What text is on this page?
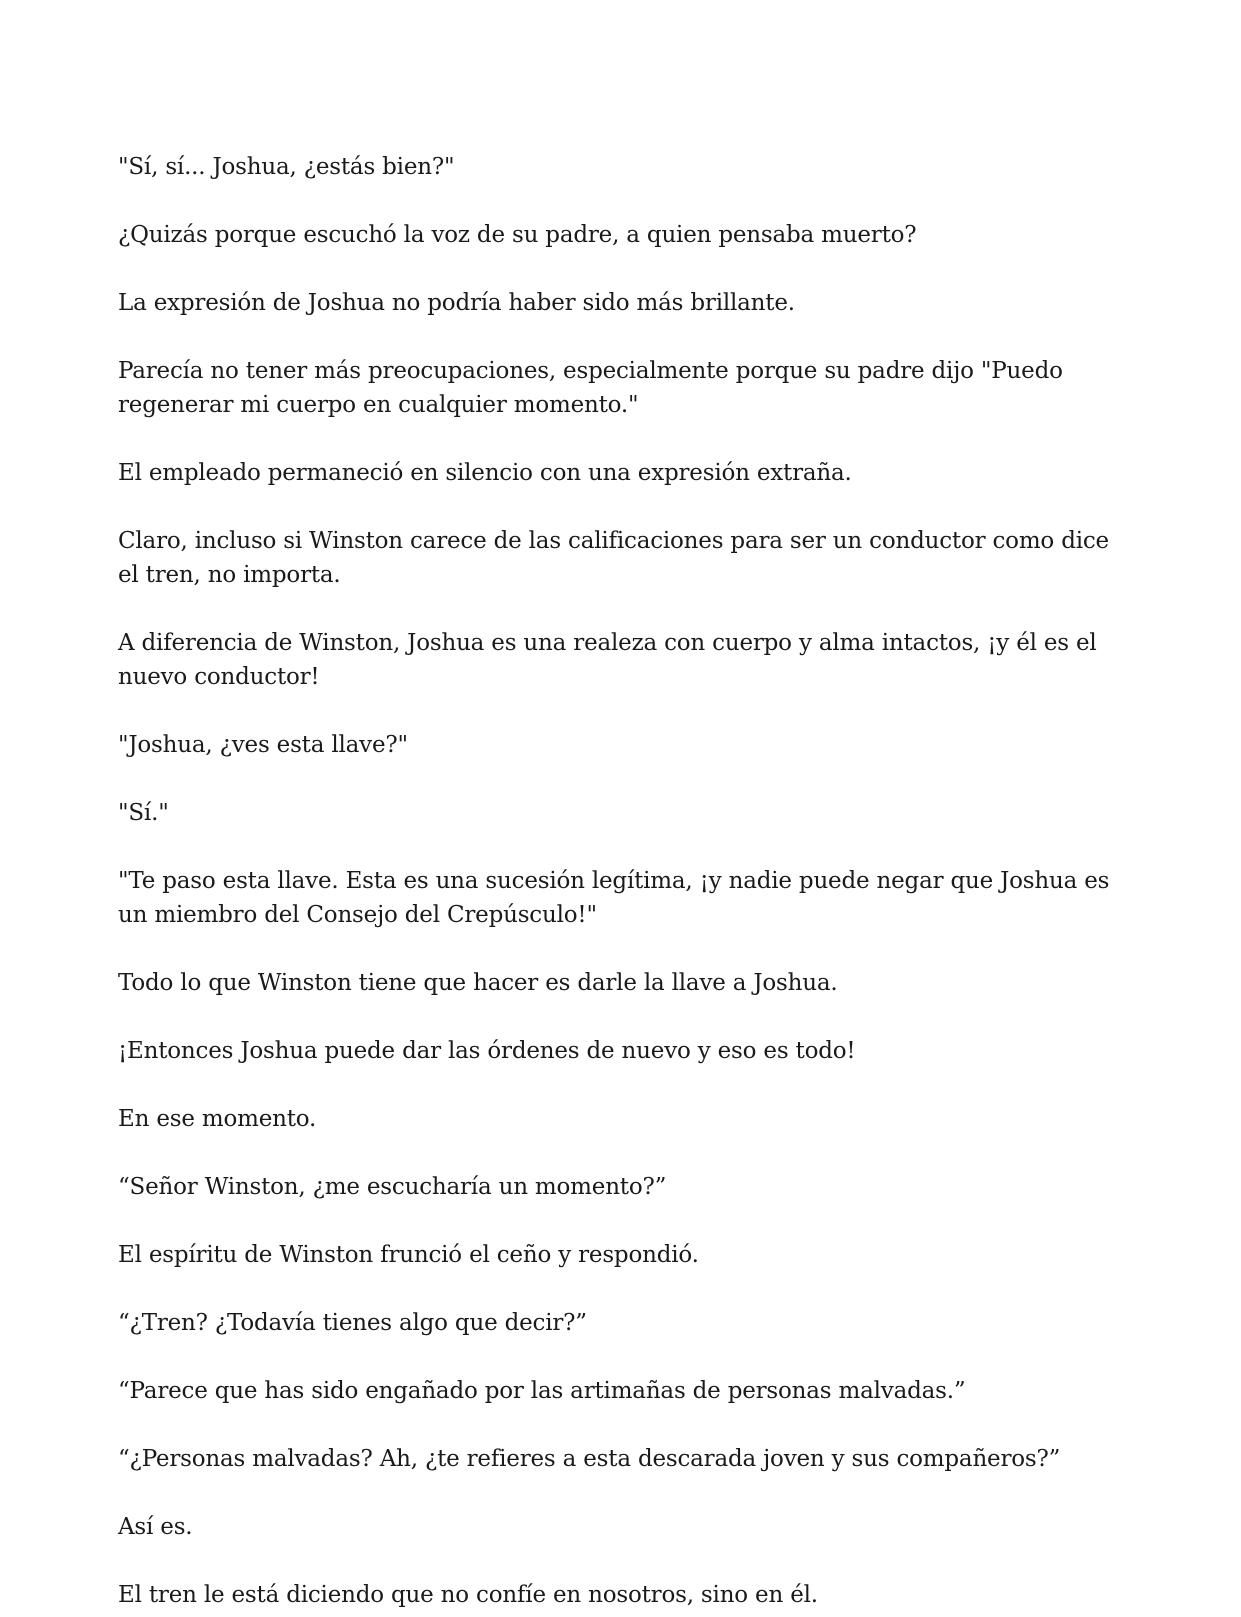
"Sí, sí... Joshua, ¿estás bien?"

¿Quizás porque escuchó la voz de su padre, a quien pensaba muerto?

La expresión de Joshua no podría haber sido más brillante.

Parecía no tener más preocupaciones, especialmente porque su padre dijo "Puedo regenerar mi cuerpo en cualquier momento."

El empleado permaneció en silencio con una expresión extraña.

Claro, incluso si Winston carece de las calificaciones para ser un conductor como dice el tren, no importa.

A diferencia de Winston, Joshua es una realeza con cuerpo y alma intactos, ¡y él es el nuevo conductor!

"Joshua, ¿ves esta llave?"

"Sí."

"Te paso esta llave. Esta es una sucesión legítima, ¡y nadie puede negar que Joshua es un miembro del Consejo del Crepúsculo!"

Todo lo que Winston tiene que hacer es darle la llave a Joshua.

¡Entonces Joshua puede dar las órdenes de nuevo y eso es todo!

En ese momento.

“Señor Winston, ¿me escucharía un momento?”

El espíritu de Winston frunció el ceño y respondió.

“¿Tren? ¿Todavía tienes algo que decir?”

“Parece que has sido engañado por las artimañas de personas malvadas.”

“¿Personas malvadas? Ah, ¿te refieres a esta descarada joven y sus compañeros?”

Así es.

El tren le está diciendo que no confíe en nosotros, sino en él.
